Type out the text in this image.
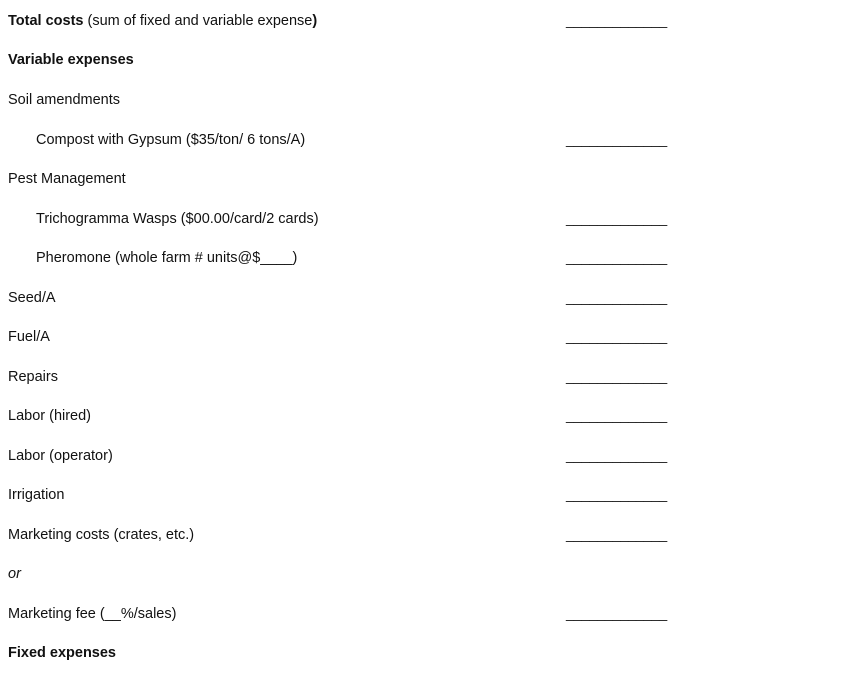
Total costs (sum of fixed and variable expense)	_____________
Variable expenses
Soil amendments
Compost with Gypsum ($35/ton/ 6 tons/A)	_____________
Pest Management
Trichogramma Wasps ($00.00/card/2 cards)	_____________
Pheromone (whole farm # units@$____)	_____________
Seed/A	_____________
Fuel/A	_____________
Repairs	_____________
Labor (hired)	_____________
Labor (operator)	_____________
Irrigation	_____________
Marketing costs (crates, etc.)	_____________
or
Marketing fee (__%/sales)	_____________
Fixed expenses
